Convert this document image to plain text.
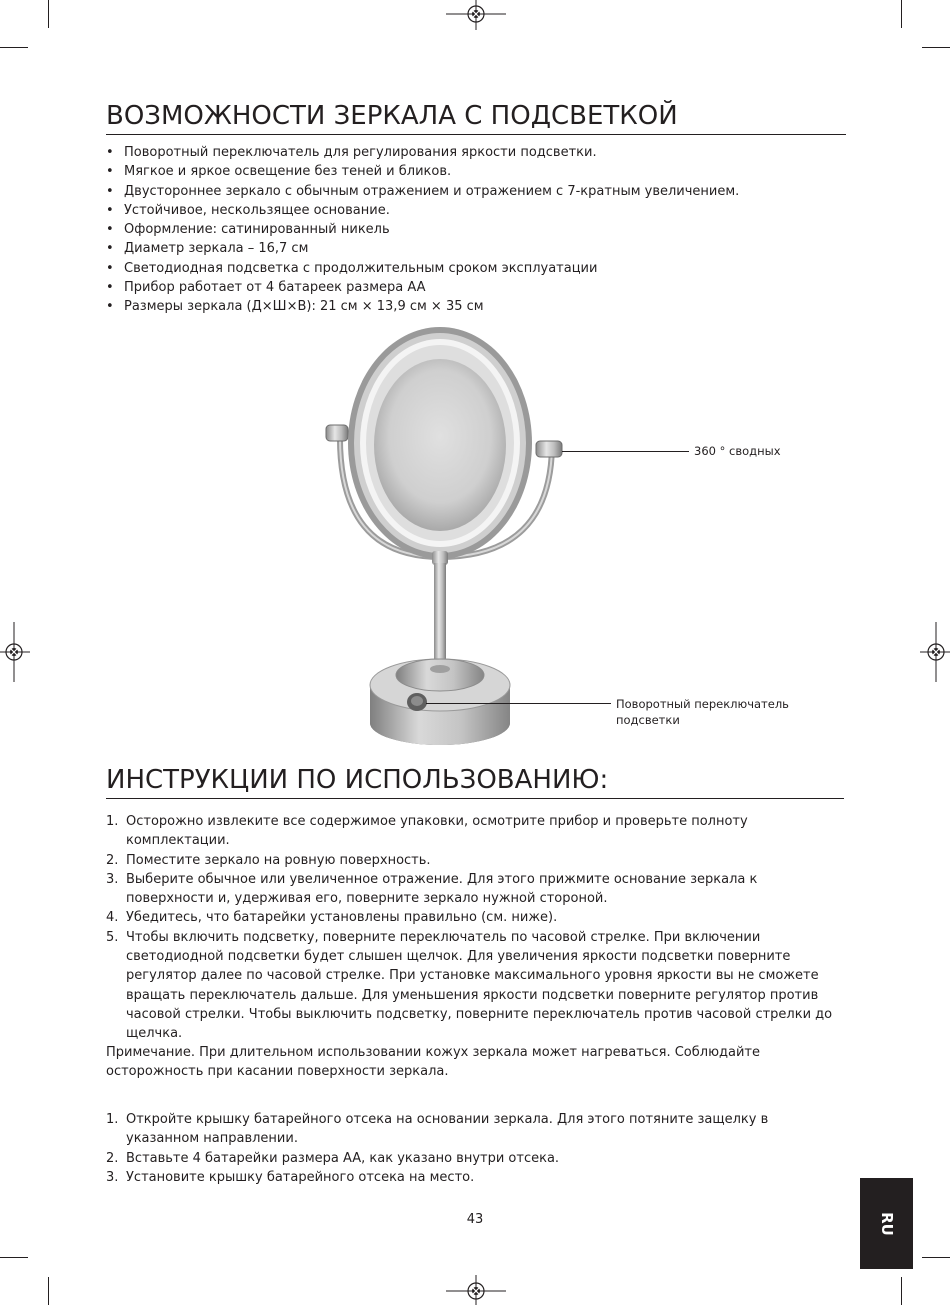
ВОЗМОЖНОСТИ ЗЕРКАЛА С ПОДСВЕТКОЙ
• Поворотный переключатель для регулирования яркости подсветки.
• Мягкое и яркое освещение без теней и бликов.
• Двустороннее зеркало с обычным отражением и отражением с 7-кратным увеличением.
• Устойчивое, нескользящее основание.
• Оформление: сатинированный никель
• Диаметр зеркала – 16,7 см
• Светодиодная подсветка с продолжительным сроком эксплуатации
• Прибор работает от 4 батареек размера AA
• Размеры зеркала (Д×Ш×В): 21 см × 13,9 см × 35 см
360 ° сводных
Поворотный переключатель
подсветки
ИНСТРУКЦИИ ПО ИСПОЛЬЗОВАНИЮ:
1. Осторожно извлеките все содержимое упаковки, осмотрите прибор и проверьте полноту комплектации.
2. Поместите зеркало на ровную поверхность.
3. Выберите обычное или увеличенное отражение. Для этого прижмите основание зеркала к поверхности и, удерживая его, поверните зеркало нужной стороной.
4. Убедитесь, что батарейки установлены правильно (см. ниже).
5. Чтобы включить подсветку, поверните переключатель по часовой стрелке. При включении светодиодной подсветки будет слышен щелчок. Для увеличения яркости подсветки поверните регулятор далее по часовой стрелке. При установке максимального уровня яркости вы не сможете вращать переключатель дальше. Для уменьшения яркости подсветки поверните регулятор против часовой стрелки. Чтобы выключить подсветку, поверните переключатель против часовой стрелки до щелчка.
Примечание. При длительном использовании кожух зеркала может нагреваться. Соблюдайте осторожность при касании поверхности зеркала.
1. Откройте крышку батарейного отсека на основании зеркала. Для этого потяните защелку в указанном направлении.
2. Вставьте 4 батарейки размера AA, как указано внутри отсека.
3. Установите крышку батарейного отсека на место.
43	RU
